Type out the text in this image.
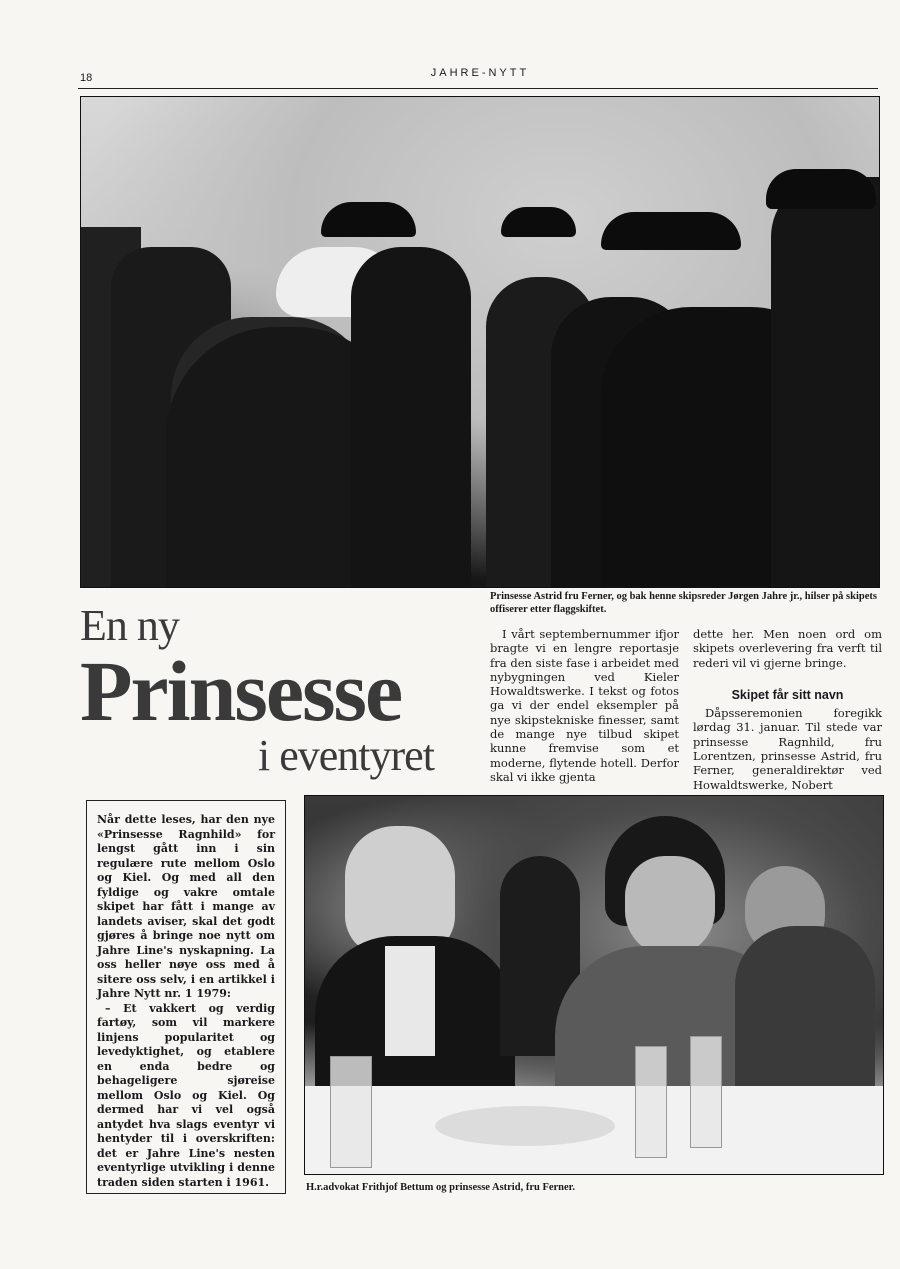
18	JAHRE-NYTT
Prinsesse Astrid fru Ferner, og bak henne skipsreder Jørgen Jahre jr., hilser på skipets offiserer etter flaggskiftet.
En ny
Prinsesse
i eventyret

I vårt septembernummer ifjor bragte vi en lengre reportasje fra den siste fase i arbeidet med nybygningen ved Kieler Howaldtswerke. I tekst og fotos ga vi der endel eksempler på nye skipstekniske finesser, samt de mange nye tilbud skipet kunne fremvise som et moderne, flytende hotell. Derfor skal vi ikke gjenta

dette her. Men noen ord om skipets overlevering fra verft til rederi vil vi gjerne bringe.

Skipet får sitt navn

Dåpsseremonien foregikk lørdag 31. januar. Til stede var prinsesse Ragnhild, fru Lorentzen, prinsesse Astrid, fru Ferner, generaldirektør ved Howaldtswerke, Nobert

Når dette leses, har den nye «Prinsesse Ragnhild» for lengst gått inn i sin regulære rute mellom Oslo og Kiel. Og med all den fyldige og vakre omtale skipet har fått i mange av landets aviser, skal det godt gjøres å bringe noe nytt om Jahre Line's nyskapning. La oss heller nøye oss med å sitere oss selv, i en artikkel i Jahre Nytt nr. 1 1979:

– Et vakkert og verdig fartøy, som vil markere linjens popularitet og levedyktighet, og etablere en enda bedre og behageligere sjøreise mellom Oslo og Kiel. Og dermed har vi vel også antydet hva slags eventyr vi hentyder til i overskriften: det er Jahre Line's nesten eventyrlige utvikling i denne traden siden starten i 1961.	H.r.advokat Frithjof Bettum og prinsesse Astrid, fru Ferner.
